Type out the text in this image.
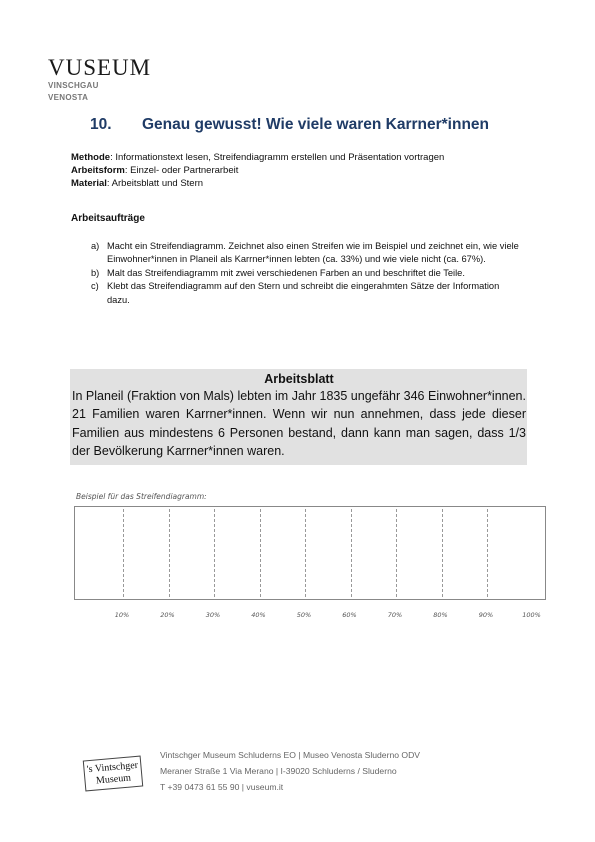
VUSEUM
VINSCHGAU
VENOSTA
10. Genau gewusst! Wie viele waren Karrner*innen
Methode: Informationstext lesen, Streifendiagramm erstellen und Präsentation vortragen
Arbeitsform: Einzel- oder Partnerarbeit
Material: Arbeitsblatt und Stern
Arbeitsaufträge
a) Macht ein Streifendiagramm. Zeichnet also einen Streifen wie im Beispiel und zeichnet ein, wie viele Einwohner*innen in Planeil als Karrner*innen lebten (ca. 33%) und wie viele nicht (ca. 67%).
b) Malt das Streifendiagramm mit zwei verschiedenen Farben an und beschriftet die Teile.
c) Klebt das Streifendiagramm auf den Stern und schreibt die eingerahmten Sätze der Information dazu.
Arbeitsblatt
In Planeil (Fraktion von Mals) lebten im Jahr 1835 ungefähr 346 Einwohner*innen. 21 Familien waren Karrner*innen. Wenn wir nun annehmen, dass jede dieser Familien aus mindestens 6 Personen bestand, dann kann man sagen, dass 1/3 der Bevölkerung Karrner*innen waren.
Beispiel für das Streifendiagramm:
10%	20%	30%	40%	50%	60%	70%	80%	90%	100%
's Vintschger
Museum
Vintschger Museum Schluderns EO | Museo Venosta Sluderno ODV
Meraner Straße 1 Via Merano | I-39020 Schluderns / Sluderno
T +39 0473 61 55 90 | vuseum.it
